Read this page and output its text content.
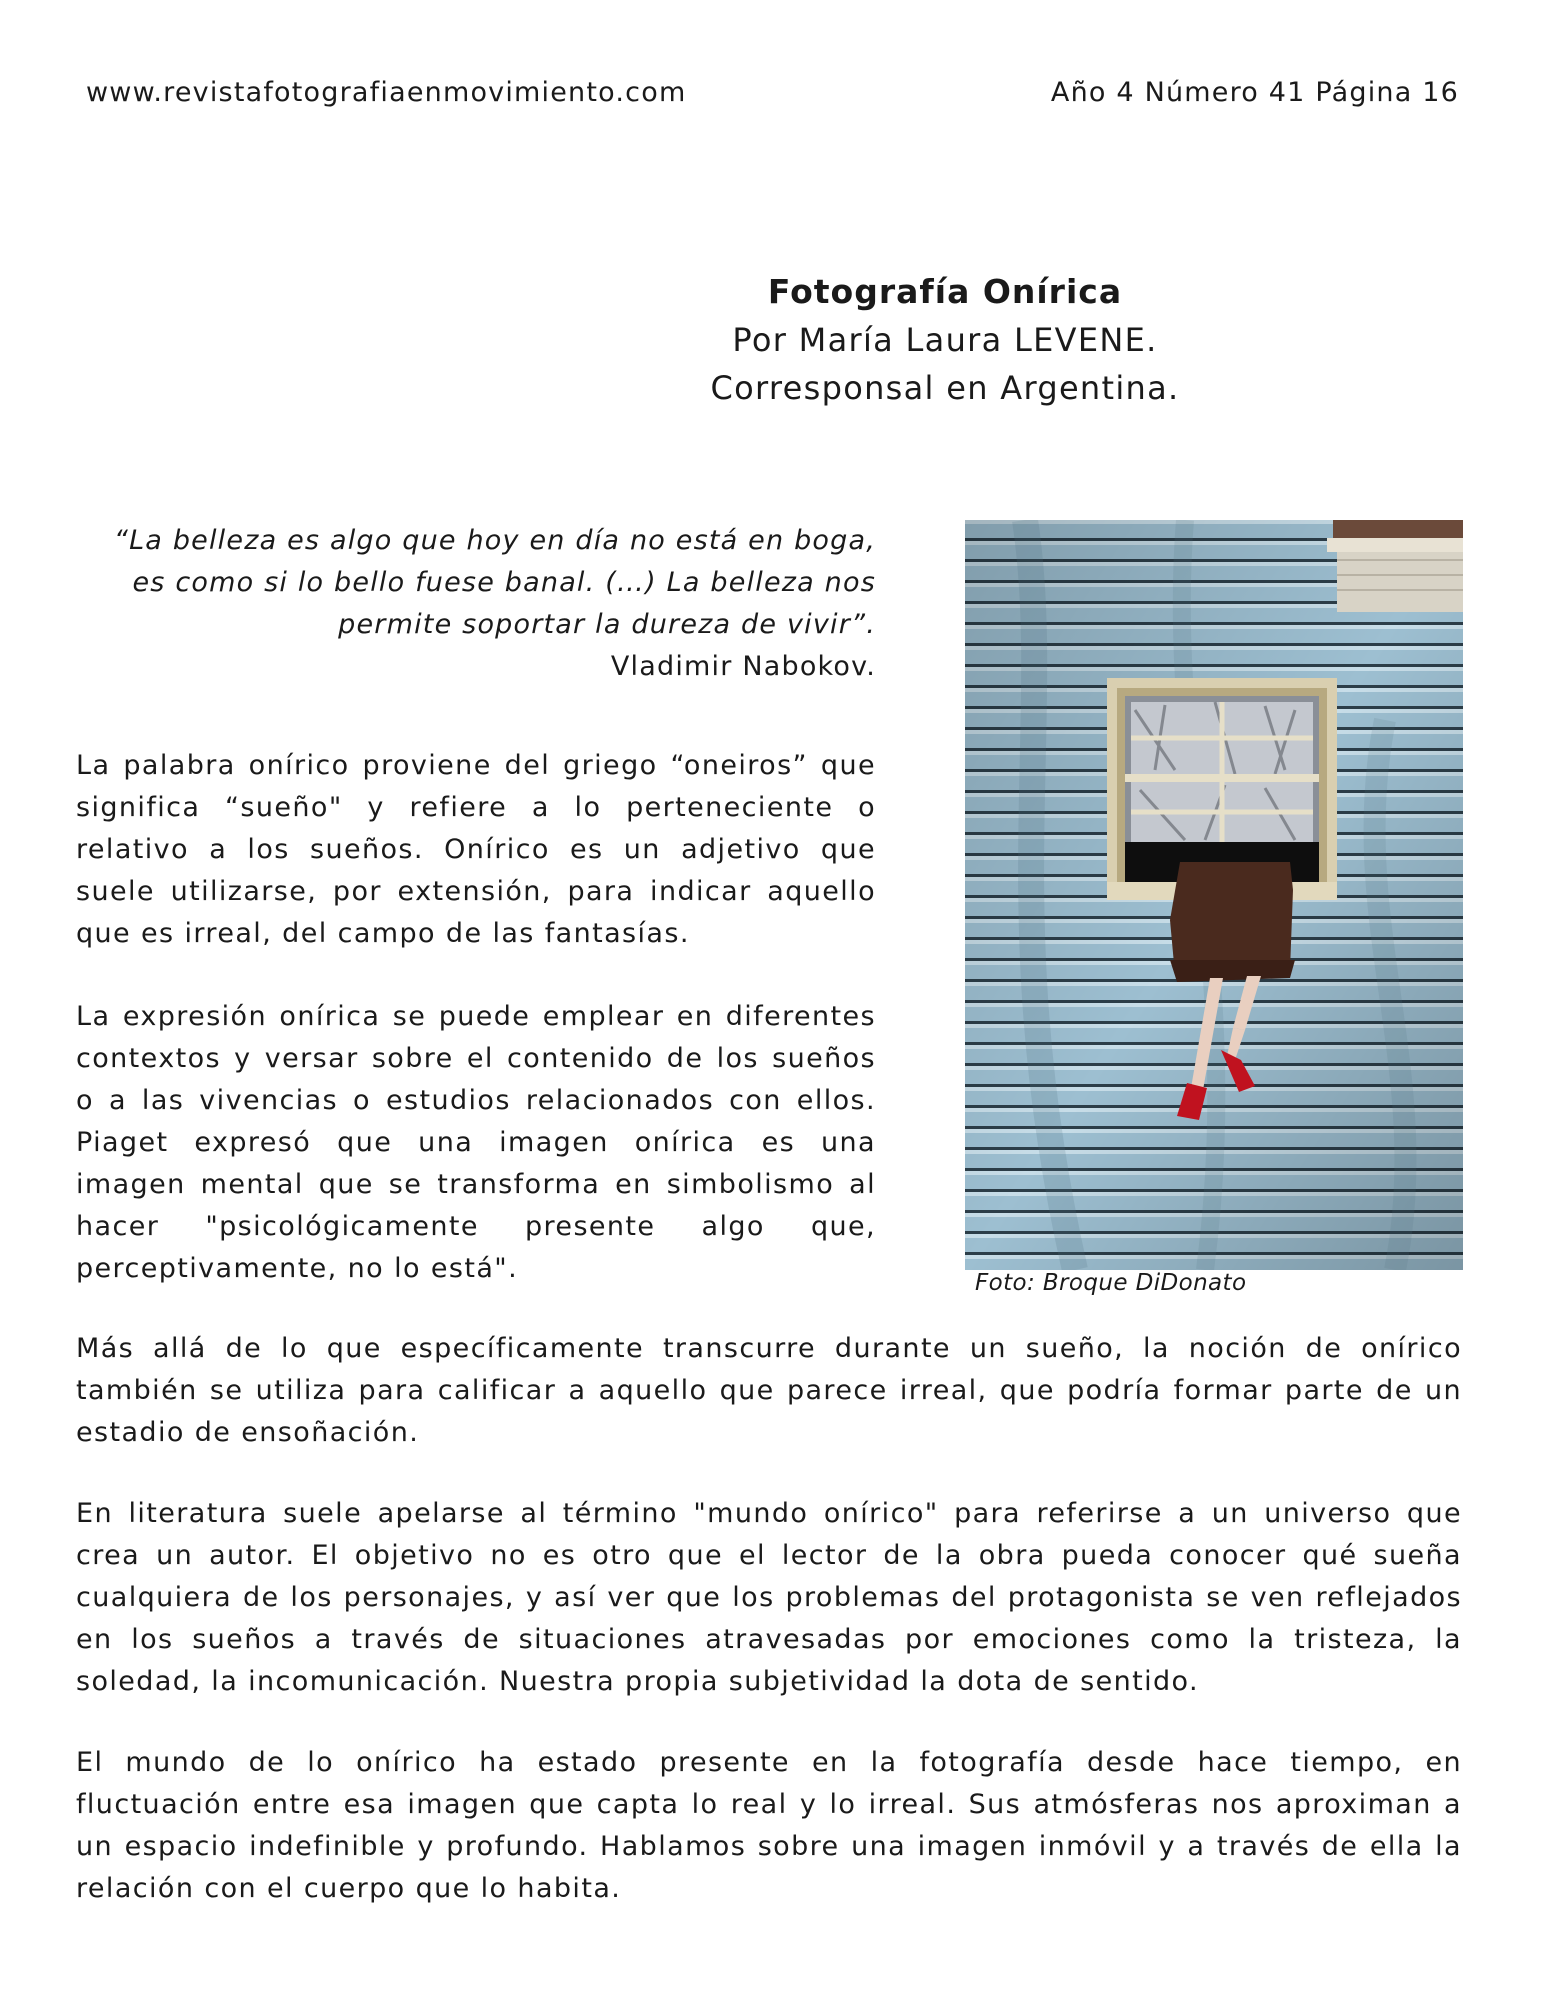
www.revistafotografiaenmovimiento.com	Año 4 Número 41 Página 16
Fotografía Onírica
Por María Laura LEVENE.
Corresponsal en Argentina.
“La belleza es algo que hoy en día no está en boga, es como si lo bello fuese banal. (…) La belleza nos permite soportar la dureza de vivir”.
Vladimir Nabokov.

La palabra onírico proviene del griego “oneiros” que significa “sueño" y refiere a lo perteneciente o relativo a los sueños. Onírico es un adjetivo que suele utilizarse, por extensión, para indicar aquello que es irreal, del campo de las fantasías.

La expresión onírica se puede emplear en diferentes contextos y versar sobre el contenido de los sueños o a las vivencias o estudios relacionados con ellos. Piaget expresó que una imagen onírica es una imagen mental que se transforma en simbolismo al hacer "psicológicamente presente algo que, perceptivamente, no lo está".

Más allá de lo que específicamente transcurre durante un sueño, la noción de onírico también se utiliza para calificar a aquello que parece irreal, que podría formar parte de un estadio de ensoñación.

En literatura suele apelarse al término "mundo onírico" para referirse a un universo que crea un autor. El objetivo no es otro que el lector de la obra pueda conocer qué sueña cualquiera de los personajes, y así ver que los problemas del protagonista se ven reflejados en los sueños a través de situaciones atravesadas por emociones como la tristeza, la soledad, la incomunicación. Nuestra propia subjetividad la dota de sentido.

El mundo de lo onírico ha estado presente en la fotografía desde hace tiempo, en fluctuación entre esa imagen que capta lo real y lo irreal. Sus atmósferas nos aproximan a un espacio indefinible y profundo. Hablamos sobre una imagen inmóvil y a través de ella la relación con el cuerpo que lo habita.

Foto: Broque DiDonato
